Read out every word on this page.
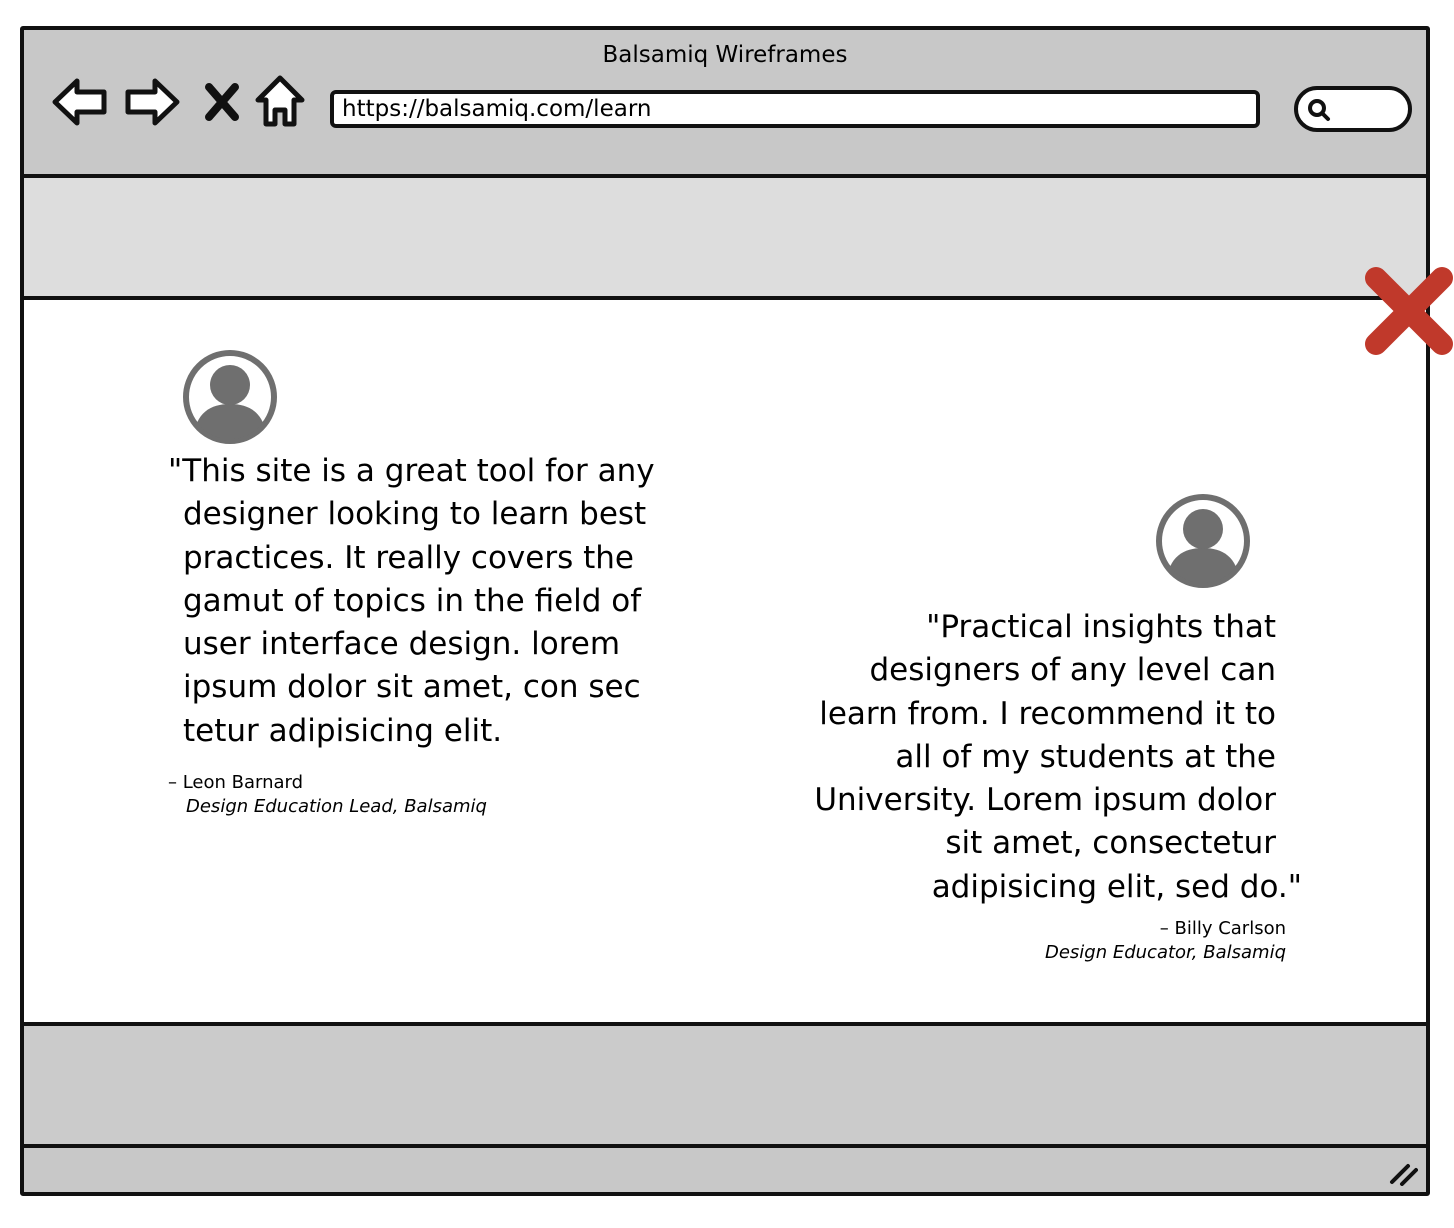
Balsamiq Wireframes
https://balsamiq.com/learn
"This site is a great tool for any
designer looking to learn best
practices. It really covers the
gamut of topics in the field of
user interface design. lorem
ipsum dolor sit amet, con sec
tetur adipisicing elit.
– Leon Barnard
Design Education Lead, Balsamiq
"Practical insights that
designers of any level can
learn from. I recommend it to
all of my students at the
University. Lorem ipsum dolor
sit amet, consectetur
adipisicing elit, sed do."
– Billy Carlson
Design Educator, Balsamiq
